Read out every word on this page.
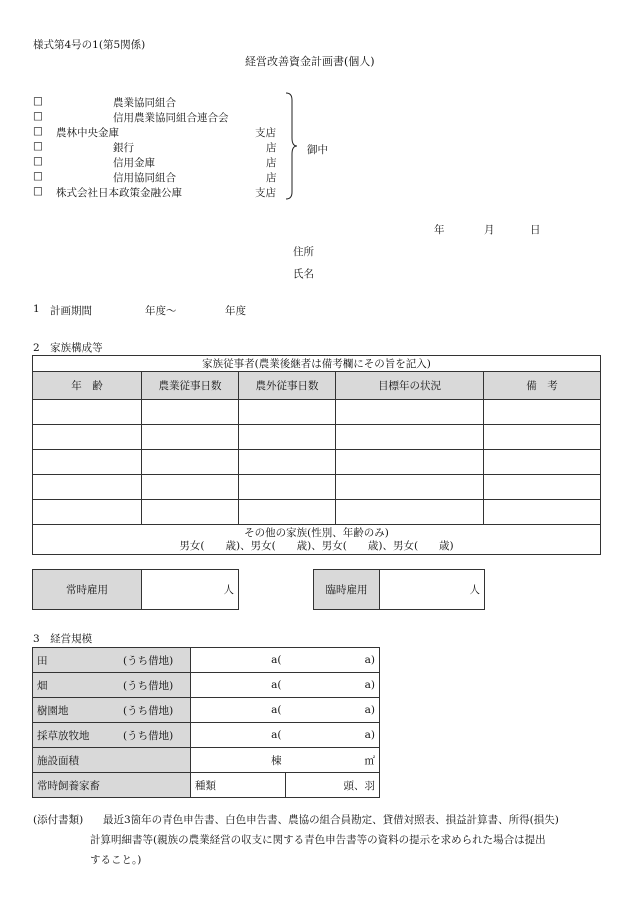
様式第4号の1(第5関係)
経営改善資金計画書(個人)
□	農業協同組合
□	信用農業協同組合連合会
□ 農林中央金庫	支店
□	銀行	店
□	信用金庫	店
□	信用協同組合	店
□ 株式会社日本政策金融公庫	支店
御中
年	月	日
住所
氏名
1 計画期間	年度〜	年度
2　家族構成等
家族従事者(農業後継者は備考欄にその旨を記入)				
年　齢	農業従事日数	農外従事日数	目標年の状況	備　考

その他の家族(性別、年齢のみ)
男女(　　歳)、男女(　　歳)、男女(　　歳)、男女(　　歳)				
常時雇用	人	臨時雇用	人
3　経営規模
田 (うち借地)	a(	a)
畑 (うち借地)	a(	a)
樹園地 (うち借地)	a(	a)
採草放牧地 (うち借地)	a(	a)
施設面積	棟	㎡
常時飼養家畜	種類	頭、羽
(添付書類) 最近3箇年の青色申告書、白色申告書、農協の組合員勘定、貸借対照表、損益計算書、所得(損失)
計算明細書等(親族の農業経営の収支に関する青色申告書等の資料の提示を求められた場合は提出
すること。)
